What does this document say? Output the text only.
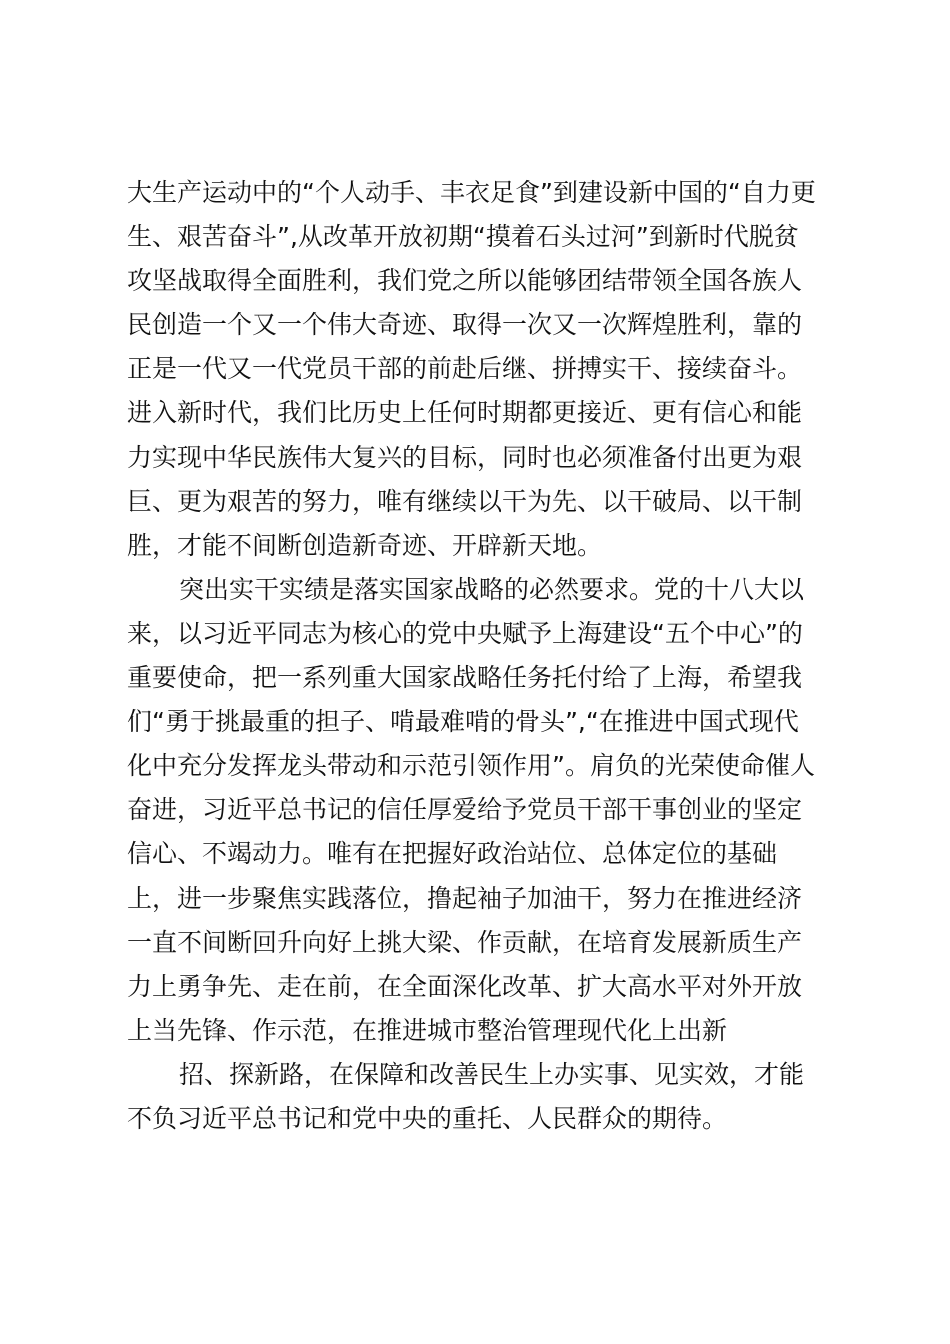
大生产运动中的“个人动手、丰衣足食”到建设新中国的“自力更
生、艰苦奋斗”,从改革开放初期“摸着石头过河”到新时代脱贫
攻坚战取得全面胜利，我们党之所以能够团结带领全国各族人
民创造一个又一个伟大奇迹、取得一次又一次辉煌胜利，靠的
正是一代又一代党员干部的前赴后继、拼搏实干、接续奋斗。
进入新时代，我们比历史上任何时期都更接近、更有信心和能
力实现中华民族伟大复兴的目标，同时也必须准备付出更为艰
巨、更为艰苦的努力，唯有继续以干为先、以干破局、以干制
胜，才能不间断创造新奇迹、开辟新天地。
突出实干实绩是落实国家战略的必然要求。党的十八大以
来，以习近平同志为核心的党中央赋予上海建设“五个中心”的
重要使命，把一系列重大国家战略任务托付给了上海，希望我
们“勇于挑最重的担子、啃最难啃的骨头”,“在推进中国式现代
化中充分发挥龙头带动和示范引领作用”。肩负的光荣使命催人
奋进，习近平总书记的信任厚爱给予党员干部干事创业的坚定
信心、不竭动力。唯有在把握好政治站位、总体定位的基础
上，进一步聚焦实践落位，撸起袖子加油干，努力在推进经济
一直不间断回升向好上挑大梁、作贡献，在培育发展新质生产
力上勇争先、走在前，在全面深化改革、扩大高水平对外开放
上当先锋、作示范，在推进城市整治管理现代化上出新
招、探新路，在保障和改善民生上办实事、见实效，才能
不负习近平总书记和党中央的重托、人民群众的期待。
